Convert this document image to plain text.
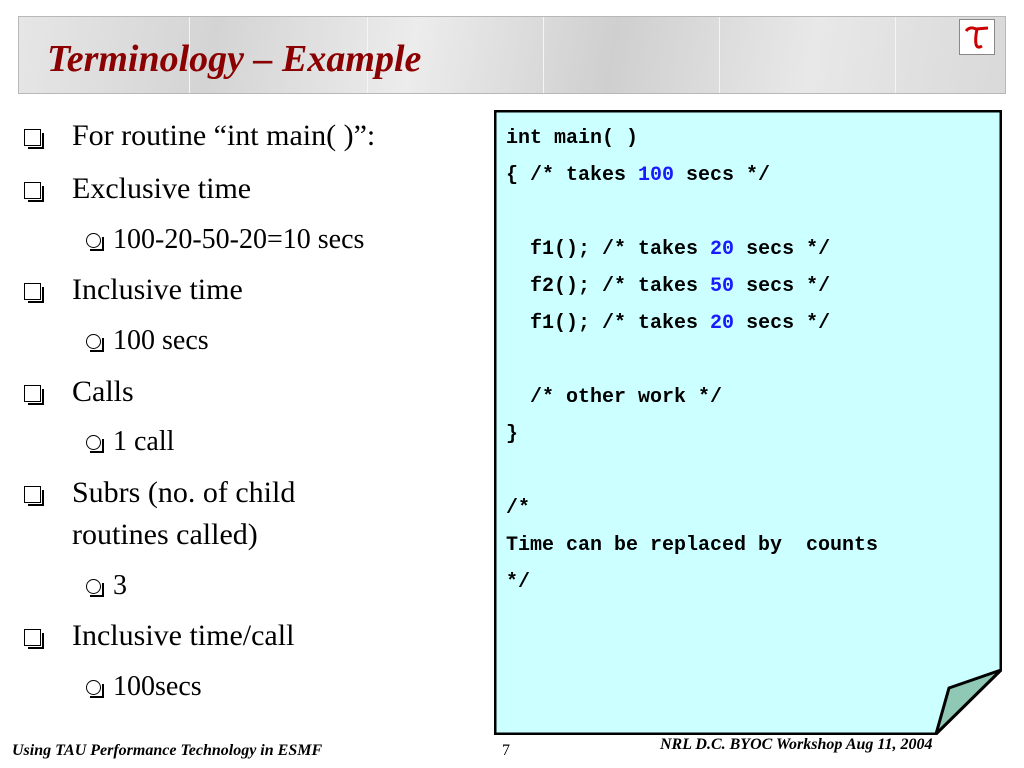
Terminology – Example
For routine “int main( )”:
Exclusive time
100-20-50-20=10 secs
Inclusive time
100 secs
Calls
1 call
Subrs (no. of child
routines called)
3
Inclusive time/call
100secs
int main( )
{ /* takes 100 secs */

f1(); /* takes 20 secs */
f2(); /* takes 50 secs */
f1(); /* takes 20 secs */

/* other work */
}

/*
Time can be replaced by  counts
*/
Using TAU Performance Technology in ESMF	7	NRL D.C. BYOC Workshop Aug 11, 2004
